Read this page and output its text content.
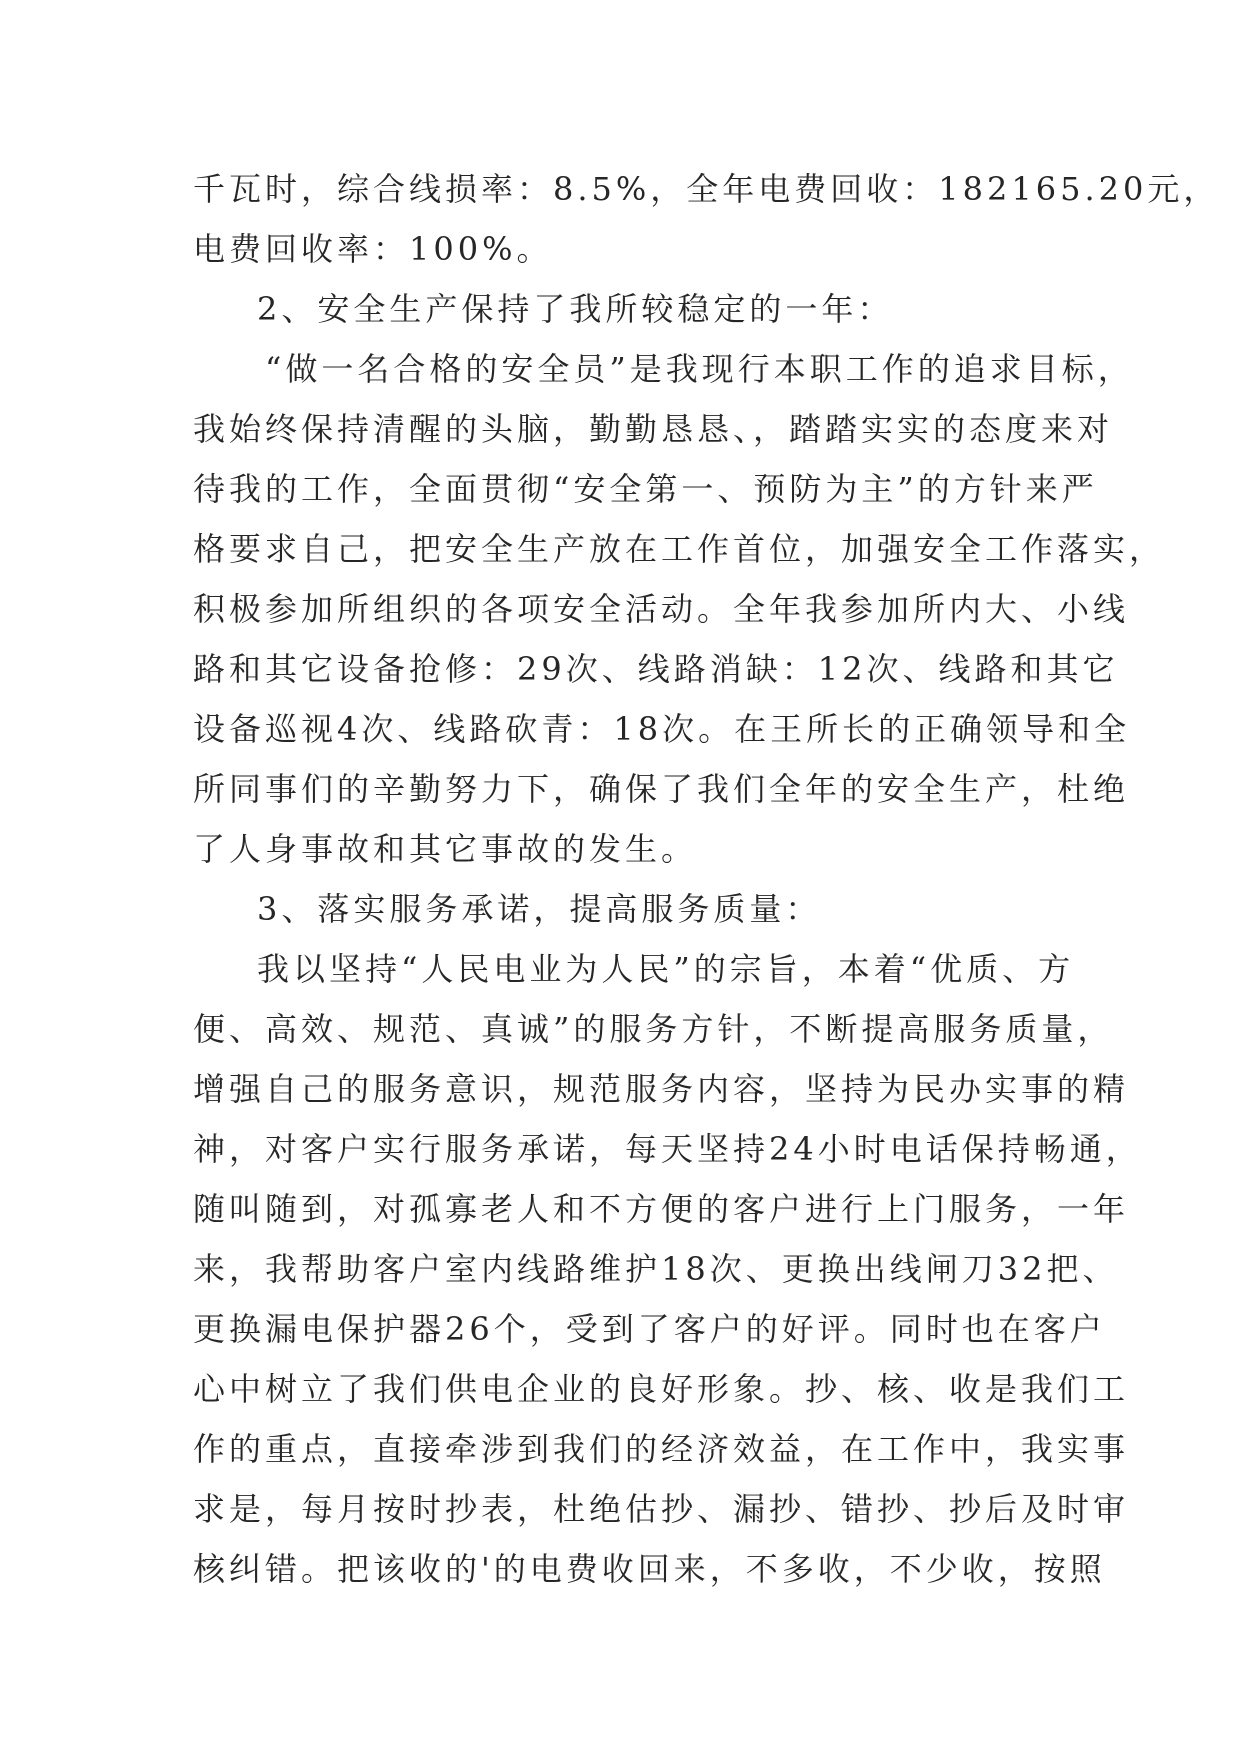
千瓦时，综合线损率：8.5%，全年电费回收：182165.20元，
电费回收率：100%。
2、安全生产保持了我所较稳定的一年：
“做一名合格的安全员”是我现行本职工作的追求目标，
我始终保持清醒的头脑，勤勤恳恳、，踏踏实实的态度来对
待我的工作，全面贯彻“安全第一、预防为主”的方针来严
格要求自己，把安全生产放在工作首位，加强安全工作落实，
积极参加所组织的各项安全活动。全年我参加所内大、小线
路和其它设备抢修：29次、线路消缺：12次、线路和其它
设备巡视4次、线路砍青：18次。在王所长的正确领导和全
所同事们的辛勤努力下，确保了我们全年的安全生产，杜绝
了人身事故和其它事故的发生。
3、落实服务承诺，提高服务质量：
我以坚持“人民电业为人民”的宗旨，本着“优质、方
便、高效、规范、真诚”的服务方针，不断提高服务质量，
增强自己的服务意识，规范服务内容，坚持为民办实事的精
神，对客户实行服务承诺，每天坚持24小时电话保持畅通，
随叫随到，对孤寡老人和不方便的客户进行上门服务，一年
来，我帮助客户室内线路维护18次、更换出线闸刀32把、
更换漏电保护器26个，受到了客户的好评。同时也在客户
心中树立了我们供电企业的良好形象。抄、核、收是我们工
作的重点，直接牵涉到我们的经济效益，在工作中，我实事
求是，每月按时抄表，杜绝估抄、漏抄、错抄、抄后及时审
核纠错。把该收的'的电费收回来，不多收，不少收，按照
